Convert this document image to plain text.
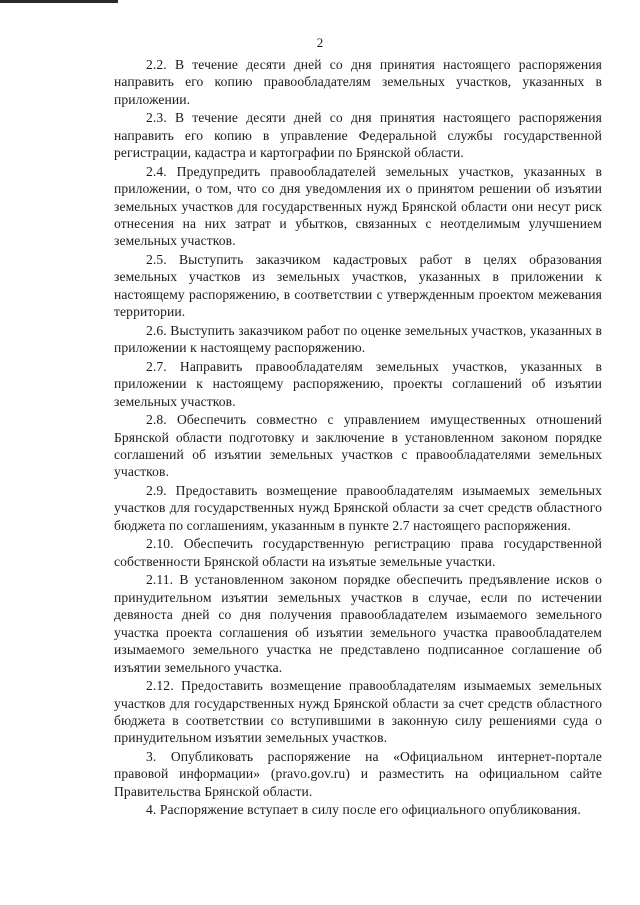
2

2.2. В течение десяти дней со дня принятия настоящего распоряжения направить его копию правообладателям земельных участков, указанных в приложении.

2.3. В течение десяти дней со дня принятия настоящего распоряжения направить его копию в управление Федеральной службы государственной регистрации, кадастра и картографии по Брянской области.

2.4. Предупредить правообладателей земельных участков, указанных в приложении, о том, что со дня уведомления их о принятом решении об изъятии земельных участков для государственных нужд Брянской области они несут риск отнесения на них затрат и убытков, связанных с неотделимым улучшением земельных участков.

2.5. Выступить заказчиком кадастровых работ в целях образования земельных участков из земельных участков, указанных в приложении к настоящему распоряжению, в соответствии с утвержденным проектом межевания территории.

2.6. Выступить заказчиком работ по оценке земельных участков, указанных в приложении к настоящему распоряжению.

2.7. Направить правообладателям земельных участков, указанных в приложении к настоящему распоряжению, проекты соглашений об изъятии земельных участков.

2.8. Обеспечить совместно с управлением имущественных отношений Брянской области подготовку и заключение в установленном законом порядке соглашений об изъятии земельных участков с правообладателями земельных участков.

2.9. Предоставить возмещение правообладателям изымаемых земельных участков для государственных нужд Брянской области за счет средств областного бюджета по соглашениям, указанным в пункте 2.7 настоящего распоряжения.

2.10. Обеспечить государственную регистрацию права государственной собственности Брянской области на изъятые земельные участки.

2.11. В установленном законом порядке обеспечить предъявление исков о принудительном изъятии земельных участков в случае, если по истечении девяноста дней со дня получения правообладателем изымаемого земельного участка проекта соглашения об изъятии земельного участка правообладателем изымаемого земельного участка не представлено подписанное соглашение об изъятии земельного участка.

2.12. Предоставить возмещение правообладателям изымаемых земельных участков для государственных нужд Брянской области за счет средств областного бюджета в соответствии со вступившими в законную силу решениями суда о принудительном изъятии земельных участков.

3. Опубликовать распоряжение на «Официальном интернет-портале правовой информации» (pravo.gov.ru) и разместить на официальном сайте Правительства Брянской области.

4. Распоряжение вступает в силу после его официального опубликования.
